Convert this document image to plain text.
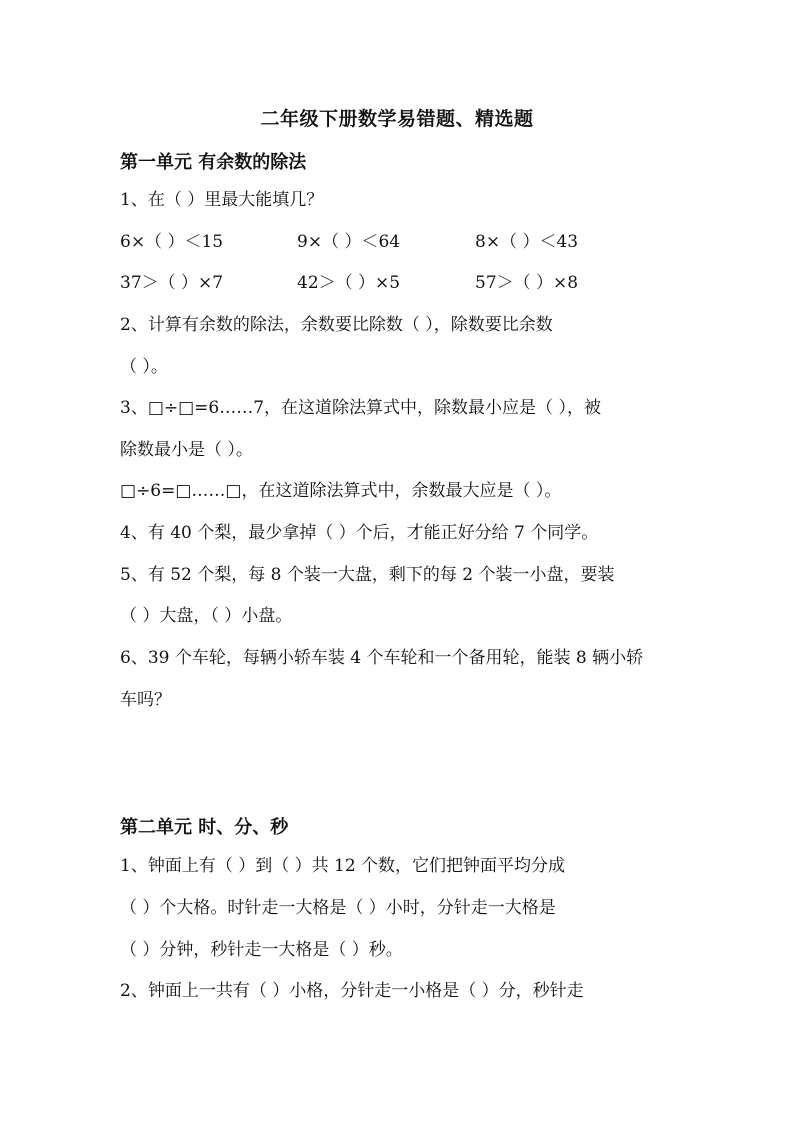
二年级下册数学易错题、精选题
第一单元 有余数的除法
1、在（ ）里最大能填几？
6×（ ）＜15	9×（ ）＜64	8×（ ）＜43
37＞（ ）×7	42＞（ ）×5	57＞（ ）×8
2、计算有余数的除法，余数要比除数（ ），除数要比余数
（ ）。
3、□÷□=6……7，在这道除法算式中，除数最小应是（ ），被
除数最小是（ ）。
□÷6=□……□，在这道除法算式中，余数最大应是（ ）。
4、有 40 个梨，最少拿掉（ ）个后，才能正好分给 7 个同学。
5、有 52 个梨，每 8 个装一大盘，剩下的每 2 个装一小盘，要装
（ ）大盘，（ ）小盘。
6、39 个车轮，每辆小轿车装 4 个车轮和一个备用轮，能装 8 辆小轿
车吗？
第二单元 时、分、秒
1、钟面上有（ ）到（ ）共 12 个数，它们把钟面平均分成
（ ）个大格。时针走一大格是（ ）小时，分针走一大格是
（ ）分钟，秒针走一大格是（ ）秒。
2、钟面上一共有（ ）小格，分针走一小格是（ ）分，秒针走
